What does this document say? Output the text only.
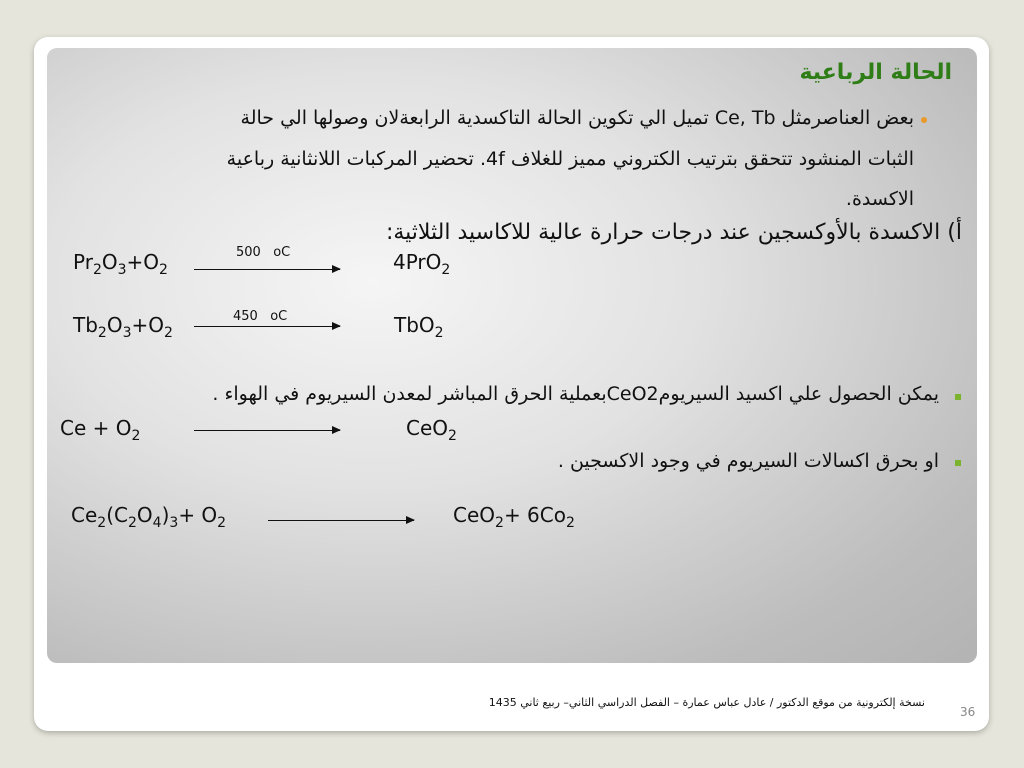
الحالة الرباعية
بعض العناصرمثل Ce, Tb تميل الي تكوين الحالة التاكسدية الرابعةلان وصولها الي حالة
الثبات المنشود تتحقق بترتيب الكتروني مميز للغلاف 4f. تحضير المركبات اللانثانية رباعية
الاكسدة.
أ) الاكسدة بالأوكسجين عند درجات حرارة عالية للاكاسيد الثلاثية:
$Pr_2O_3+O_2$
500   oC	4PrO$_2$
$Tb_2O_3+O_2$
450   oC	TbO$_2$
يمكن الحصول علي اكسيد السيريومCeO2بعملية الحرق المباشر لمعدن السيريوم في الهواء .
$Ce + O_2$	CeO$_2$
او بحرق اكسالات السيريوم في وجود الاكسجين .
$Ce_2(C_2O_4)_3+ O_2$	$CeO_2+ 6Co_2$
نسخة إلكترونية من موقع الدكتور / عادل عباس عمارة – الفصل الدراسي الثاني– ربيع ثاني 1435
36
